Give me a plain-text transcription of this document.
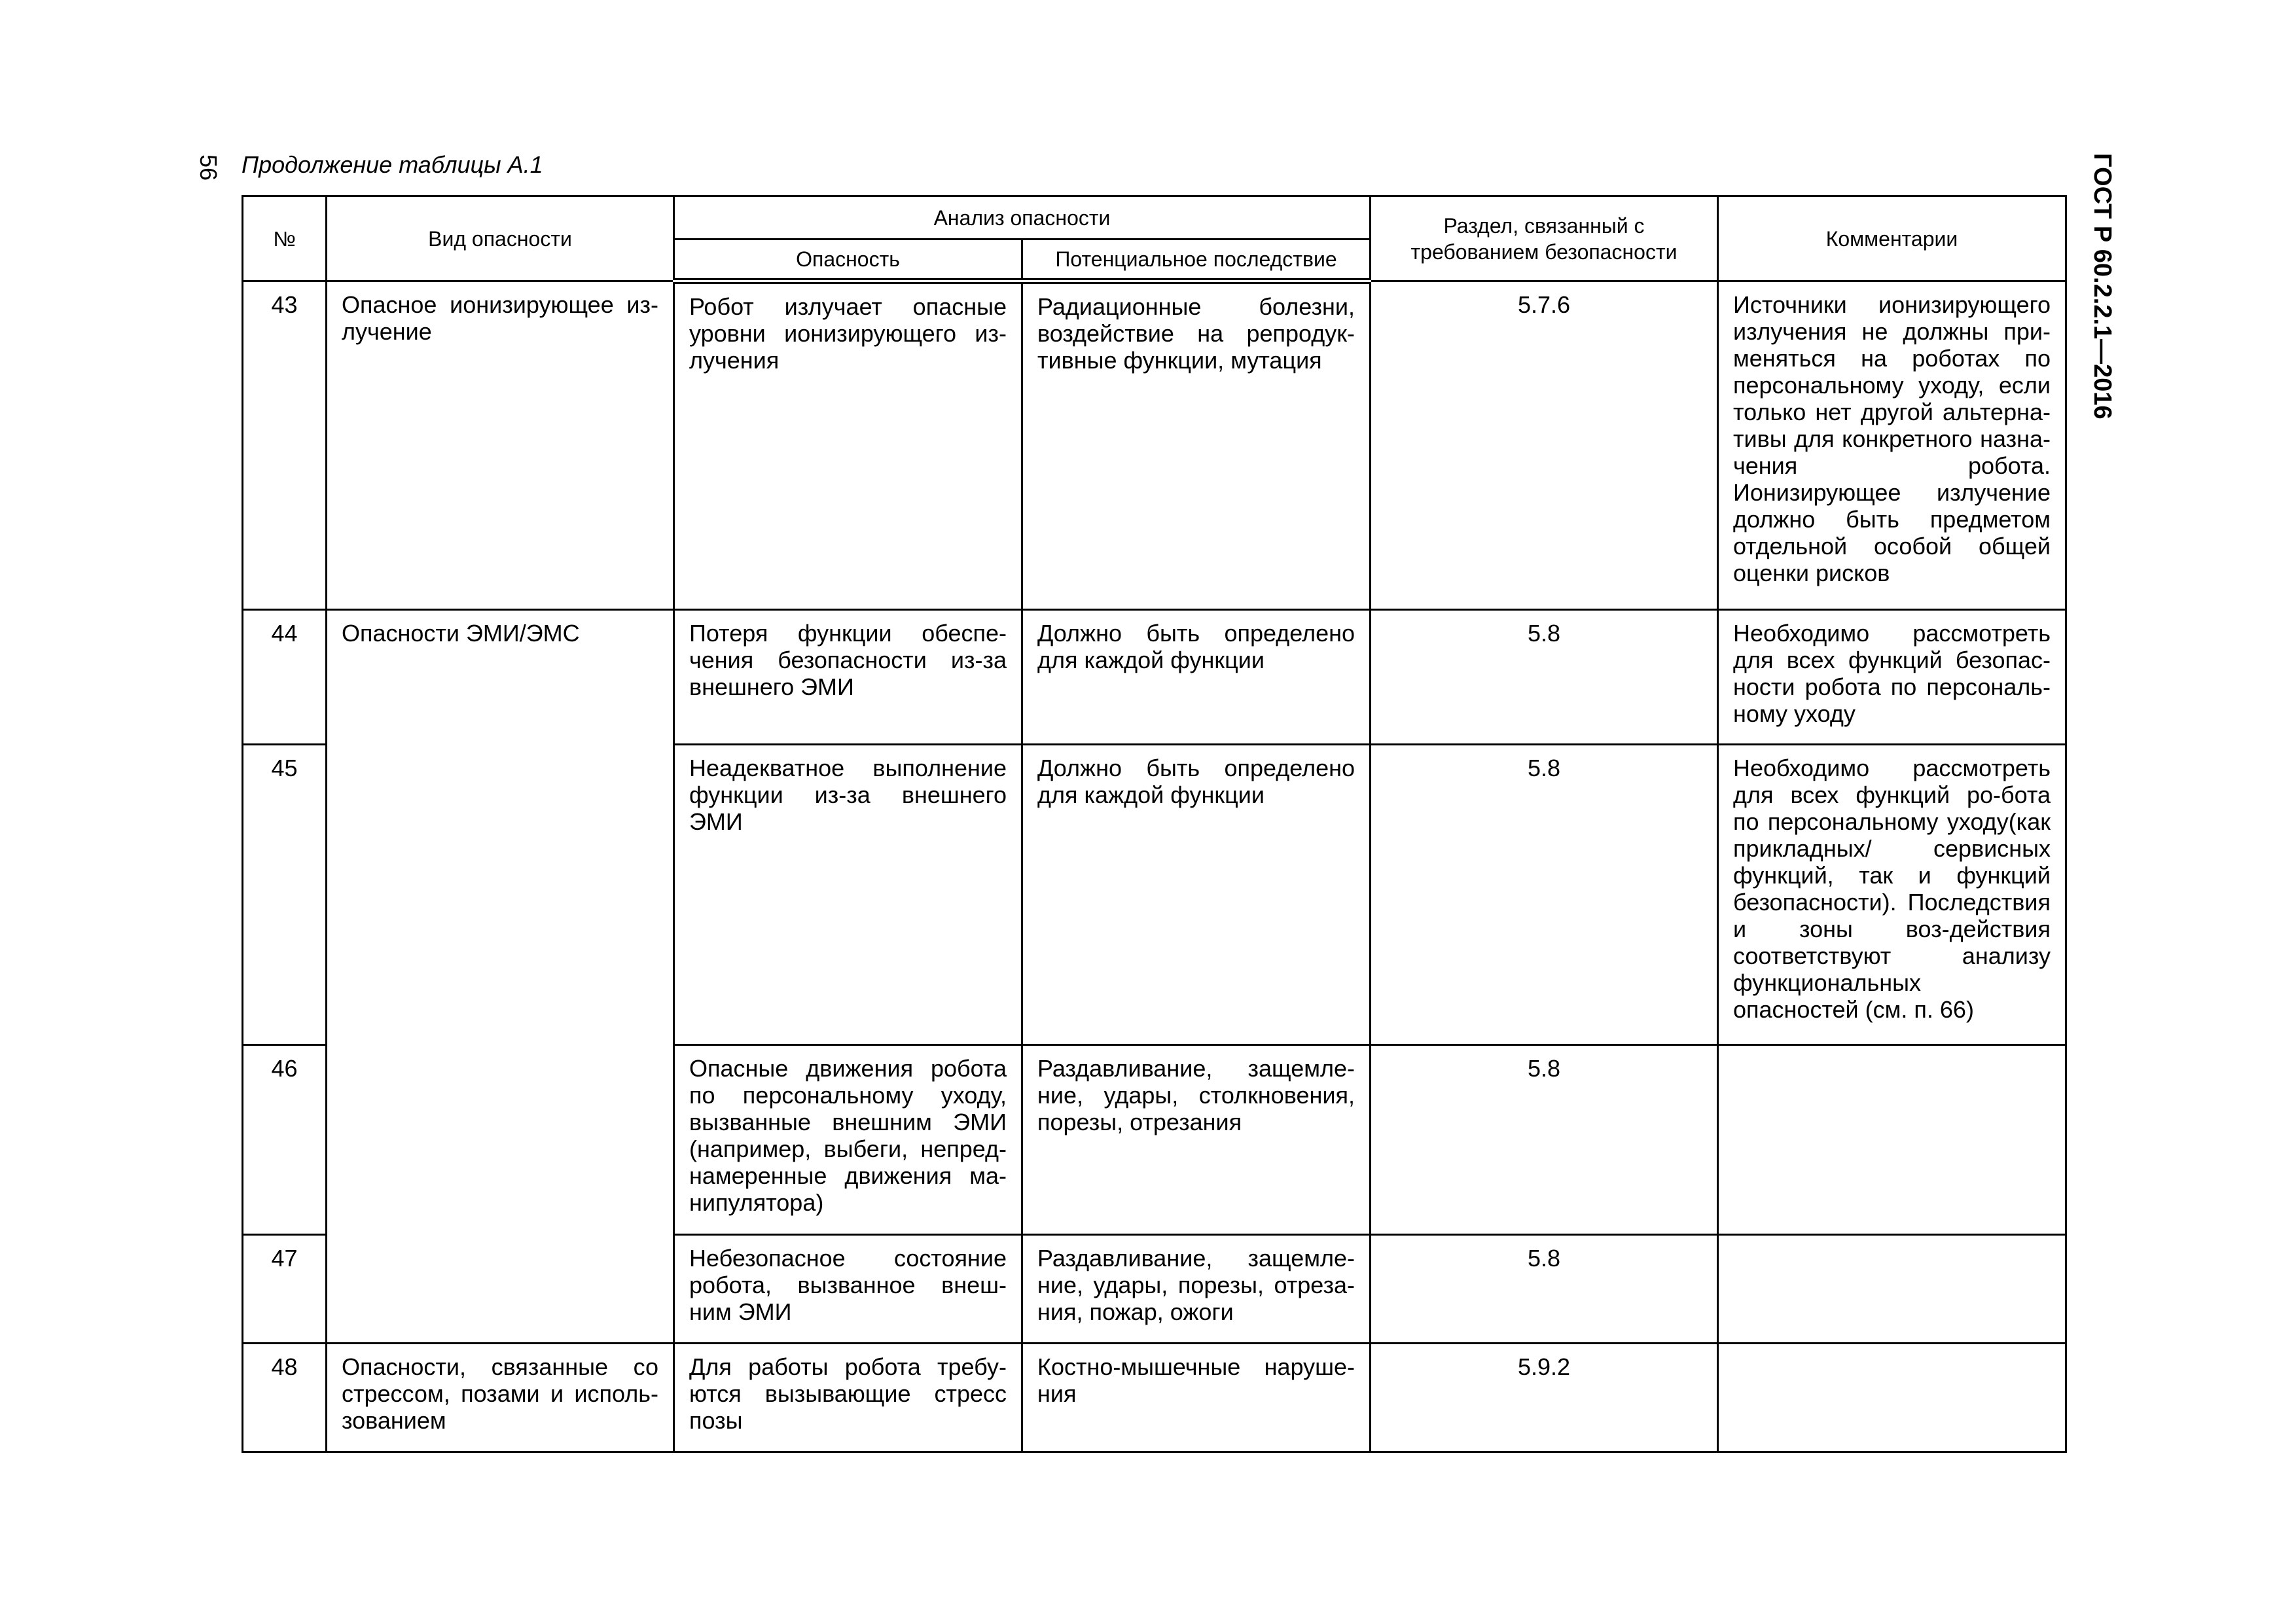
56 Продолжение таблицы А.1	ГОСТ Р 60.2.2.1—2016
№	Вид опасности	Анализ опасности		Раздел, связанный с требованием безопасности	Комментарии
		Опасность	Потенциальное последствие		
43	Опасное ионизирующее из-лучение	Робот излучает опасные уровни ионизирующего из-лучения	Радиационные болезни, воздействие на репродук-тивные функции, мутация	5.7.6	Источники ионизирующего излучения не должны при-меняться на роботах по персональному уходу, если только нет другой альтерна-тивы для конкретного назна-чения робота. Ионизирующее излучение должно быть предметом отдельной особой общей оценки рисков
44	Опасности ЭМИ/ЭМС	Потеря функции обеспе-чения безопасности из-за внешнего ЭМИ	Должно быть определено для каждой функции	5.8	Необходимо рассмотреть для всех функций безопас-ности робота по персональ-ному уходу
45		Неадекватное выполнение функции из-за внешнего ЭМИ	Должно быть определено для каждой функции	5.8	Необходимо рассмотреть для всех функций ро-бота по персональному уходу(как прикладных/ сервисных функций, так и функций безопасности). Последствия и зоны воз-действия соответствуют анализу функциональных опасностей (см. п. 66)
46		Опасные движения робота по персональному уходу, вызванные внешним ЭМИ (например, выбеги, непред-намеренные движения ма-нипулятора)	Раздавливание, защемле-ние, удары, столкновения, порезы, отрезания	5.8	
47		Небезопасное состояние робота, вызванное внеш-ним ЭМИ	Раздавливание, защемле-ние, удары, порезы, отреза-ния, пожар, ожоги	5.8	
48	Опасности, связанные со стрессом, позами и исполь-зованием	Для работы робота требу-ются вызывающие стресс позы	Костно-мышечные наруше-ния	5.9.2	
